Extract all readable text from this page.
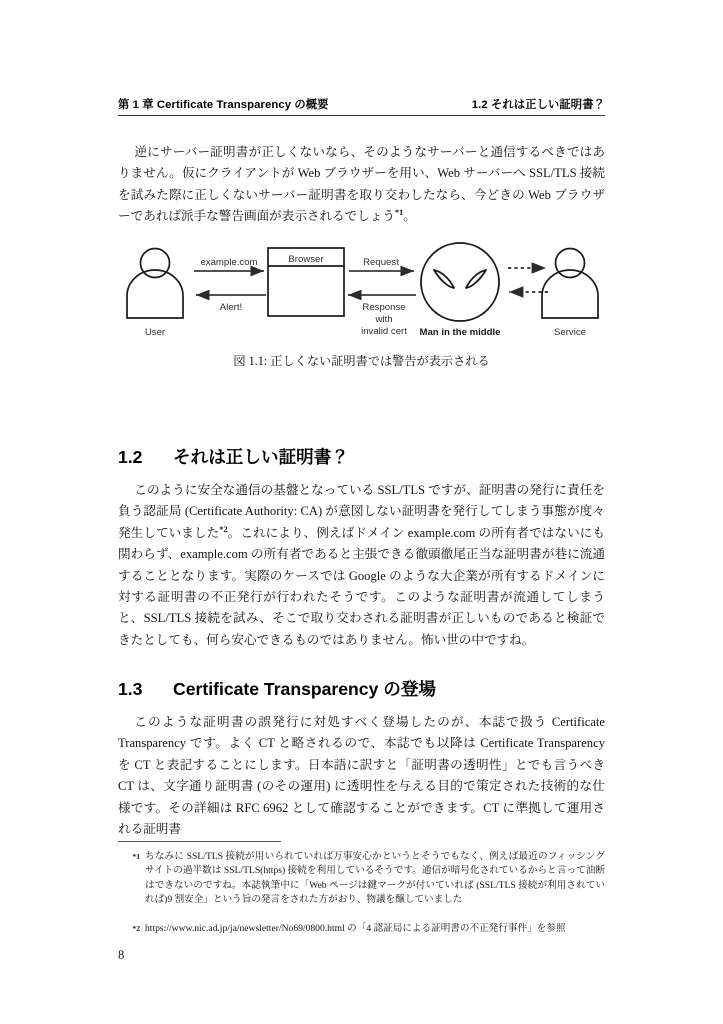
第 1 章 Certificate Transparency の概要	1.2 それは正しい証明書？
逆にサーバー証明書が正しくないなら、そのようなサーバーと通信するべきではありません。仮にクライアントが Web ブラウザーを用い、Web サーバーへ SSL/TLS 接続を試みた際に正しくないサーバー証明書を取り交わしたなら、今どきの Web ブラウザーであれば派手な警告画面が表示されるでしょう$^{*1}$。
User
example.com
Alert!
Browser	Request
Response
with
invalid cert Man in the middle	Service
図 1.1: 正しくない証明書では警告が表示される
1.2 それは正しい証明書？
このように安全な通信の基盤となっている SSL/TLS ですが、証明書の発行に責任を負う認証局 (Certificate Authority: CA) が意図しない証明書を発行してしまう事態が度々発生していました$^{*2}$。これにより、例えばドメイン example.com の所有者ではないにも関わらず、example.com の所有者であると主張できる徹頭徹尾正当な証明書が巷に流通することとなります。実際のケースでは Google のような大企業が所有するドメインに対する証明書の不正発行が行われたそうです。このような証明書が流通してしまうと、SSL/TLS 接続を試み、そこで取り交わされる証明書が正しいものであると検証できたとしても、何ら安心できるものではありません。怖い世の中ですね。
1.3 Certificate Transparency の登場
このような証明書の誤発行に対処すべく登場したのが、本誌で扱う Certificate Transparency です。よく CT と略されるので、本誌でも以降は Certificate Transparency を CT と表記することにします。日本語に訳すと「証明書の透明性」とでも言うべき CT は、文字通り証明書 (のその運用) に透明性を与える目的で策定された技術的な仕様です。その詳細は RFC 6962 として確認することができます。CT に準拠して運用される証明書
*1 ちなみに SSL/TLS 接続が用いられていれば万事安心かというとそうでもなく、例えば最近のフィッシングサイトの過半数は SSL/TLS(https) 接続を利用しているそうです。通信が暗号化されているからと言って油断はできないのですね。本誌執筆中に「Web ページは鍵マークが付いていれば (SSL/TLS 接続が利用されていれば)9 割安全」という旨の発言をされた方がおり、物議を醸していました
*2 https://www.nic.ad.jp/ja/newsletter/No69/0800.html の「4 認証局による証明書の不正発行事件」を参照
8
